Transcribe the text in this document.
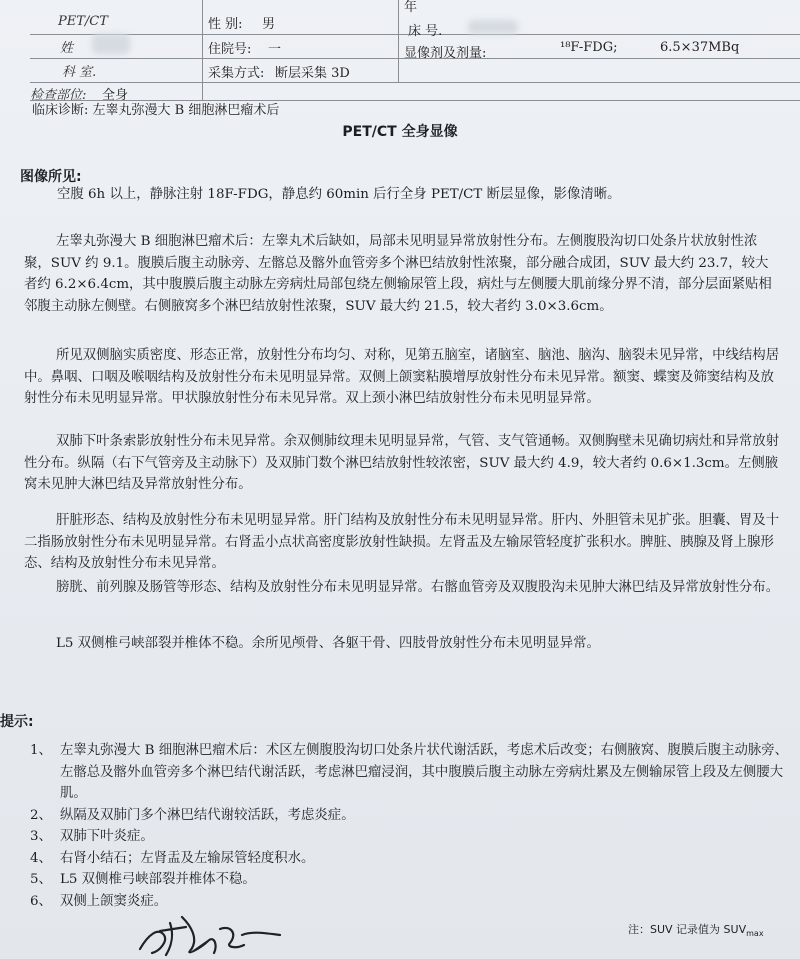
PET/CT
姓
科 室.
检查部位: 全身
性 别: 男
住院号: 一
采集方式: 断层采集 3D
年
床 号.
显像剂及剂量:	¹⁸F-FDG;	6.5×37MBq
临床诊断: 左睾丸弥漫大 B 细胞淋巴瘤术后
PET/CT 全身显像
图像所见:
空腹 6h 以上，静脉注射 18F-FDG，静息约 60min 后行全身 PET/CT 断层显像，影像清晰。
左睾丸弥漫大 B 细胞淋巴瘤术后：左睾丸术后缺如，局部未见明显异常放射性分布。左侧腹股沟切口处条片状放射性浓聚，SUV 约 9.1。腹膜后腹主动脉旁、左髂总及髂外血管旁多个淋巴结放射性浓聚，部分融合成团，SUV 最大约 23.7，较大者约 6.2×6.4cm，其中腹膜后腹主动脉左旁病灶局部包绕左侧输尿管上段，病灶与左侧腰大肌前缘分界不清，部分层面紧贴相邻腹主动脉左侧壁。右侧腋窝多个淋巴结放射性浓聚，SUV 最大约 21.5，较大者约 3.0×3.6cm。
所见双侧脑实质密度、形态正常，放射性分布均匀、对称，见第五脑室，诸脑室、脑池、脑沟、脑裂未见异常，中线结构居中。鼻咽、口咽及喉咽结构及放射性分布未见明显异常。双侧上颌窦粘膜增厚放射性分布未见异常。额窦、蝶窦及筛窦结构及放射性分布未见明显异常。甲状腺放射性分布未见异常。双上颈小淋巴结放射性分布未见明显异常。
双肺下叶条索影放射性分布未见异常。余双侧肺纹理未见明显异常，气管、支气管通畅。双侧胸壁未见确切病灶和异常放射性分布。纵隔（右下气管旁及主动脉下）及双肺门数个淋巴结放射性较浓密，SUV 最大约 4.9，较大者约 0.6×1.3cm。左侧腋窝未见肿大淋巴结及异常放射性分布。
肝脏形态、结构及放射性分布未见明显异常。肝门结构及放射性分布未见明显异常。肝内、外胆管未见扩张。胆囊、胃及十二指肠放射性分布未见明显异常。右肾盂小点状高密度影放射性缺损。左肾盂及左输尿管轻度扩张积水。脾脏、胰腺及肾上腺形态、结构及放射性分布未见异常。
膀胱、前列腺及肠管等形态、结构及放射性分布未见明显异常。右髂血管旁及双腹股沟未见肿大淋巴结及异常放射性分布。
L5 双侧椎弓峡部裂并椎体不稳。余所见颅骨、各躯干骨、四肢骨放射性分布未见明显异常。
提示:
1、 左睾丸弥漫大 B 细胞淋巴瘤术后：术区左侧腹股沟切口处条片状代谢活跃，考虑术后改变；右侧腋窝、腹膜后腹主动脉旁、左髂总及髂外血管旁多个淋巴结代谢活跃，考虑淋巴瘤浸润，其中腹膜后腹主动脉左旁病灶累及左侧输尿管上段及左侧腰大肌。
2、 纵隔及双肺门多个淋巴结代谢较活跃，考虑炎症。
3、 双肺下叶炎症。
4、 右肾小结石；左肾盂及左输尿管轻度积水。
5、 L5 双侧椎弓峡部裂并椎体不稳。
6、 双侧上颌窦炎症。
注：SUV 记录值为 $SUV_{max}$
